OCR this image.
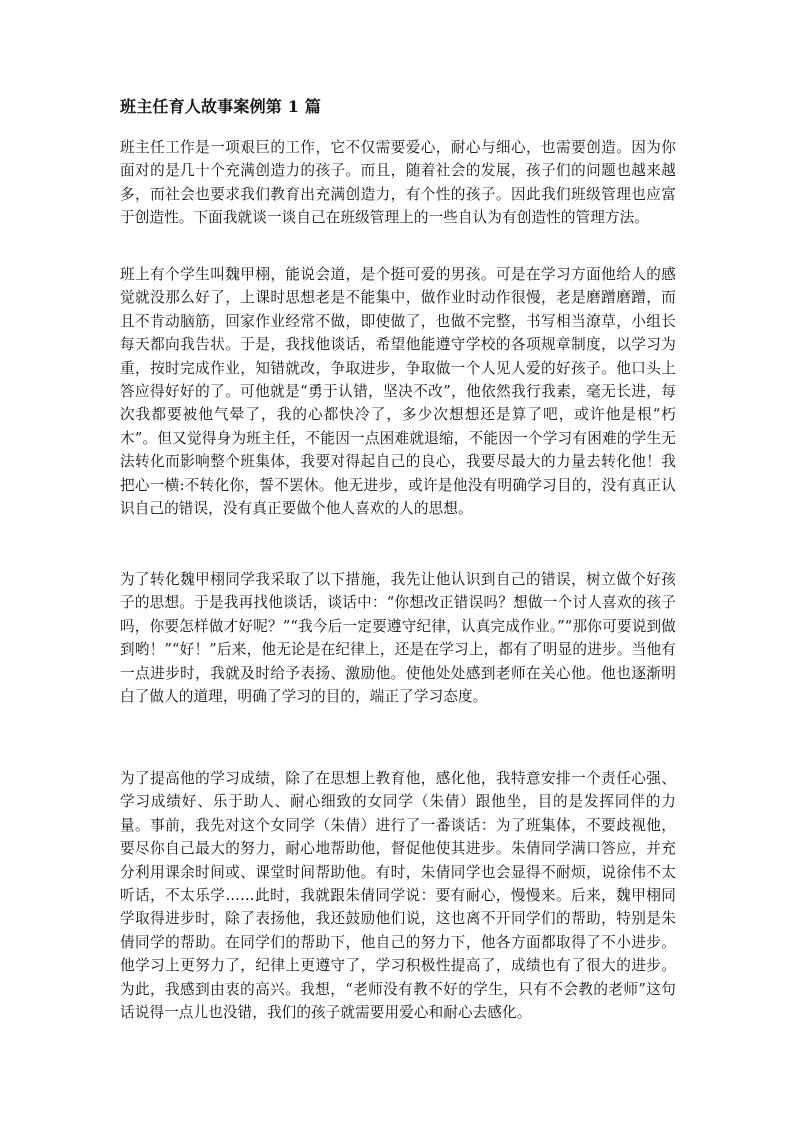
班主任育人故事案例第 1 篇

班主任工作是一项艰巨的工作，它不仅需要爱心，耐心与细心，也需要创造。因为你面对的是几十个充满创造力的孩子。而且，随着社会的发展，孩子们的问题也越来越多，而社会也要求我们教育出充满创造力，有个性的孩子。因此我们班级管理也应富于创造性。下面我就谈一谈自己在班级管理上的一些自认为有创造性的管理方法。

班上有个学生叫魏甲栩，能说会道，是个挺可爱的男孩。可是在学习方面他给人的感觉就没那么好了，上课时思想老是不能集中，做作业时动作很慢，老是磨蹭磨蹭，而且不肯动脑筋，回家作业经常不做，即使做了，也做不完整，书写相当潦草，小组长每天都向我告状。于是，我找他谈话，希望他能遵守学校的各项规章制度，以学习为重，按时完成作业，知错就改，争取进步，争取做一个人见人爱的好孩子。他口头上答应得好好的了。可他就是“勇于认错，坚决不改”，他依然我行我素，毫无长进，每次我都要被他气晕了，我的心都快冷了，多少次想想还是算了吧，或许他是根“朽木”。但又觉得身为班主任，不能因一点困难就退缩，不能因一个学习有困难的学生无法转化而影响整个班集体，我要对得起自己的良心，我要尽最大的力量去转化他！我把心一横:不转化你，誓不罢休。他无进步，或许是他没有明确学习目的，没有真正认识自己的错误，没有真正要做个他人喜欢的人的思想。

为了转化魏甲栩同学我采取了以下措施，我先让他认识到自己的错误，树立做个好孩子的思想。于是我再找他谈话，谈话中：“你想改正错误吗？想做一个讨人喜欢的孩子吗，你要怎样做才好呢？”“我今后一定要遵守纪律，认真完成作业。”“那你可要说到做到哟！”“好！”后来，他无论是在纪律上，还是在学习上，都有了明显的进步。当他有一点进步时，我就及时给予表扬、激励他。使他处处感到老师在关心他。他也逐渐明白了做人的道理，明确了学习的目的，端正了学习态度。

为了提高他的学习成绩，除了在思想上教育他，感化他，我特意安排一个责任心强、学习成绩好、乐于助人、耐心细致的女同学（朱倩）跟他坐，目的是发挥同伴的力量。事前，我先对这个女同学（朱倩）进行了一番谈话：为了班集体，不要歧视他，要尽你自己最大的努力，耐心地帮助他，督促他使其进步。朱倩同学满口答应，并充分利用课余时间或、课堂时间帮助他。有时，朱倩同学也会显得不耐烦，说徐伟不太听话，不太乐学……此时，我就跟朱倩同学说：要有耐心，慢慢来。后来，魏甲栩同学取得进步时，除了表扬他，我还鼓励他们说，这也离不开同学们的帮助，特别是朱倩同学的帮助。在同学们的帮助下，他自己的努力下，他各方面都取得了不小进步。他学习上更努力了，纪律上更遵守了，学习积极性提高了，成绩也有了很大的进步。为此，我感到由衷的高兴。我想，“老师没有教不好的学生，只有不会教的老师”这句话说得一点儿也没错，我们的孩子就需要用爱心和耐心去感化。
